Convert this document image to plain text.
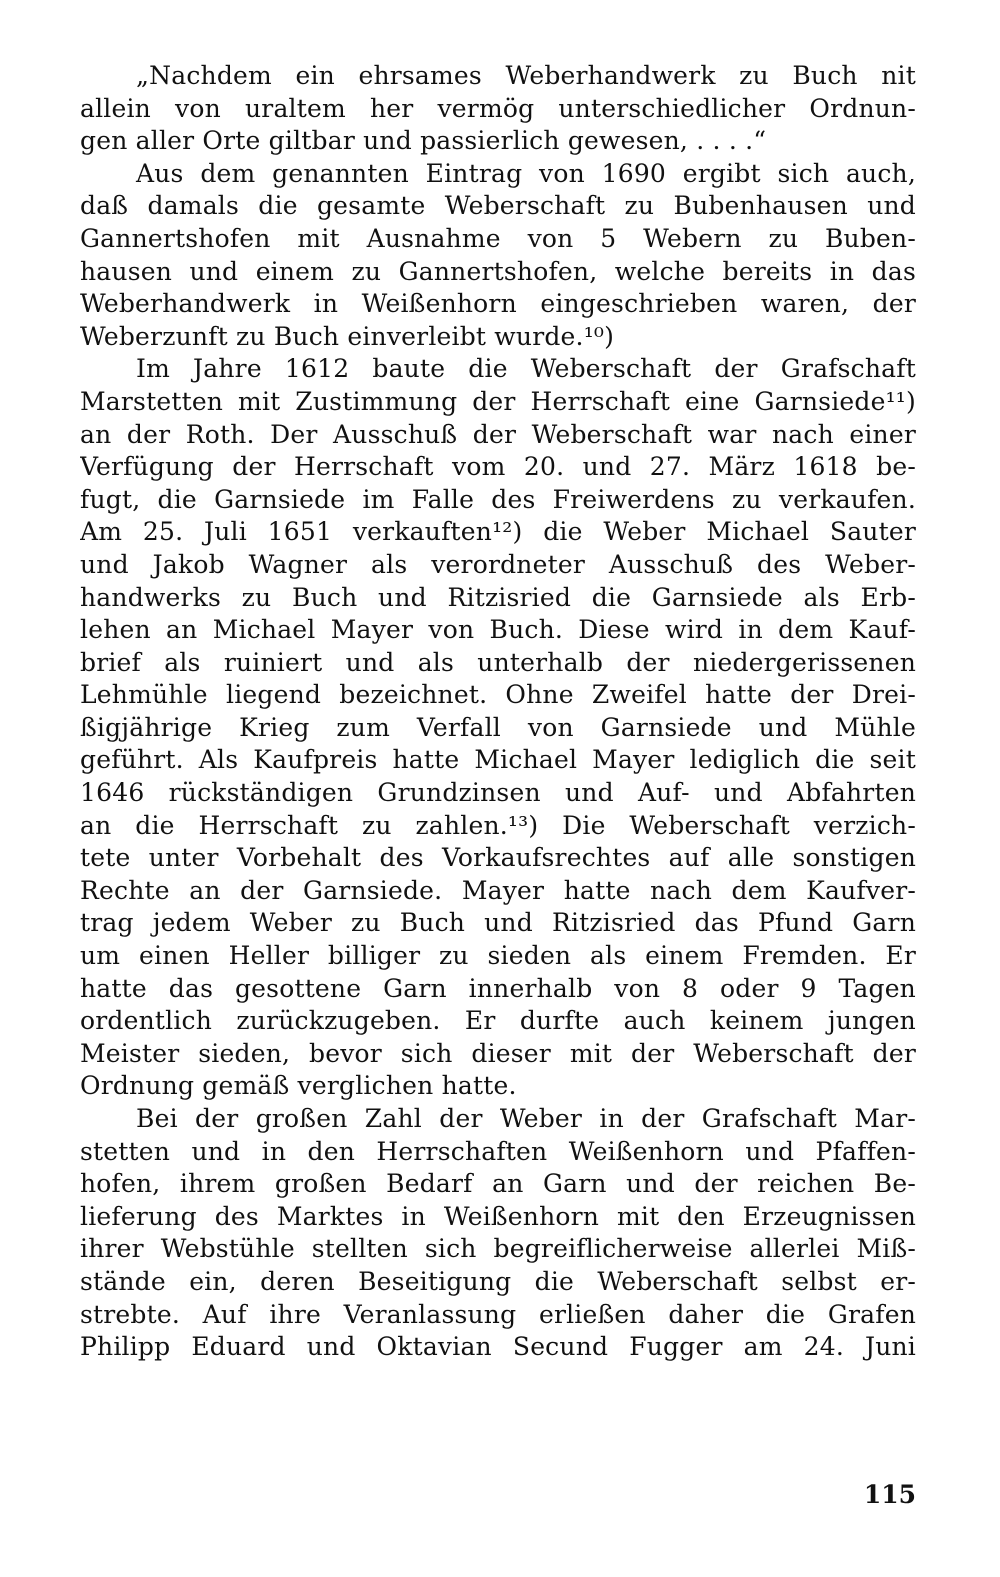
„Nachdem ein ehrsames Weberhandwerk zu Buch nit
allein von uraltem her vermög unterschiedlicher Ordnun-
gen aller Orte giltbar und passierlich gewesen, . . . .“
Aus dem genannten Eintrag von 1690 ergibt sich auch,
daß damals die gesamte Weberschaft zu Bubenhausen und
Gannertshofen mit Ausnahme von 5 Webern zu Buben-
hausen und einem zu Gannertshofen, welche bereits in das
Weberhandwerk in Weißenhorn eingeschrieben waren, der
Weberzunft zu Buch einverleibt wurde.¹⁰)
Im Jahre 1612 baute die Weberschaft der Grafschaft
Marstetten mit Zustimmung der Herrschaft eine Garnsiede¹¹)
an der Roth. Der Ausschuß der Weberschaft war nach einer
Verfügung der Herrschaft vom 20. und 27. März 1618 be-
fugt, die Garnsiede im Falle des Freiwerdens zu verkaufen.
Am 25. Juli 1651 verkauften¹²) die Weber Michael Sauter
und Jakob Wagner als verordneter Ausschuß des Weber-
handwerks zu Buch und Ritzisried die Garnsiede als Erb-
lehen an Michael Mayer von Buch. Diese wird in dem Kauf-
brief als ruiniert und als unterhalb der niedergerissenen
Lehmühle liegend bezeichnet. Ohne Zweifel hatte der Drei-
ßigjährige Krieg zum Verfall von Garnsiede und Mühle
geführt. Als Kaufpreis hatte Michael Mayer lediglich die seit
1646 rückständigen Grundzinsen und Auf- und Abfahrten
an die Herrschaft zu zahlen.¹³) Die Weberschaft verzich-
tete unter Vorbehalt des Vorkaufsrechtes auf alle sonstigen
Rechte an der Garnsiede. Mayer hatte nach dem Kaufver-
trag jedem Weber zu Buch und Ritzisried das Pfund Garn
um einen Heller billiger zu sieden als einem Fremden. Er
hatte das gesottene Garn innerhalb von 8 oder 9 Tagen
ordentlich zurückzugeben. Er durfte auch keinem jungen
Meister sieden, bevor sich dieser mit der Weberschaft der
Ordnung gemäß verglichen hatte.
Bei der großen Zahl der Weber in der Grafschaft Mar-
stetten und in den Herrschaften Weißenhorn und Pfaffen-
hofen, ihrem großen Bedarf an Garn und der reichen Be-
lieferung des Marktes in Weißenhorn mit den Erzeugnissen
ihrer Webstühle stellten sich begreiflicherweise allerlei Miß-
stände ein, deren Beseitigung die Weberschaft selbst er-
strebte. Auf ihre Veranlassung erließen daher die Grafen
Philipp Eduard und Oktavian Secund Fugger am 24. Juni
115
